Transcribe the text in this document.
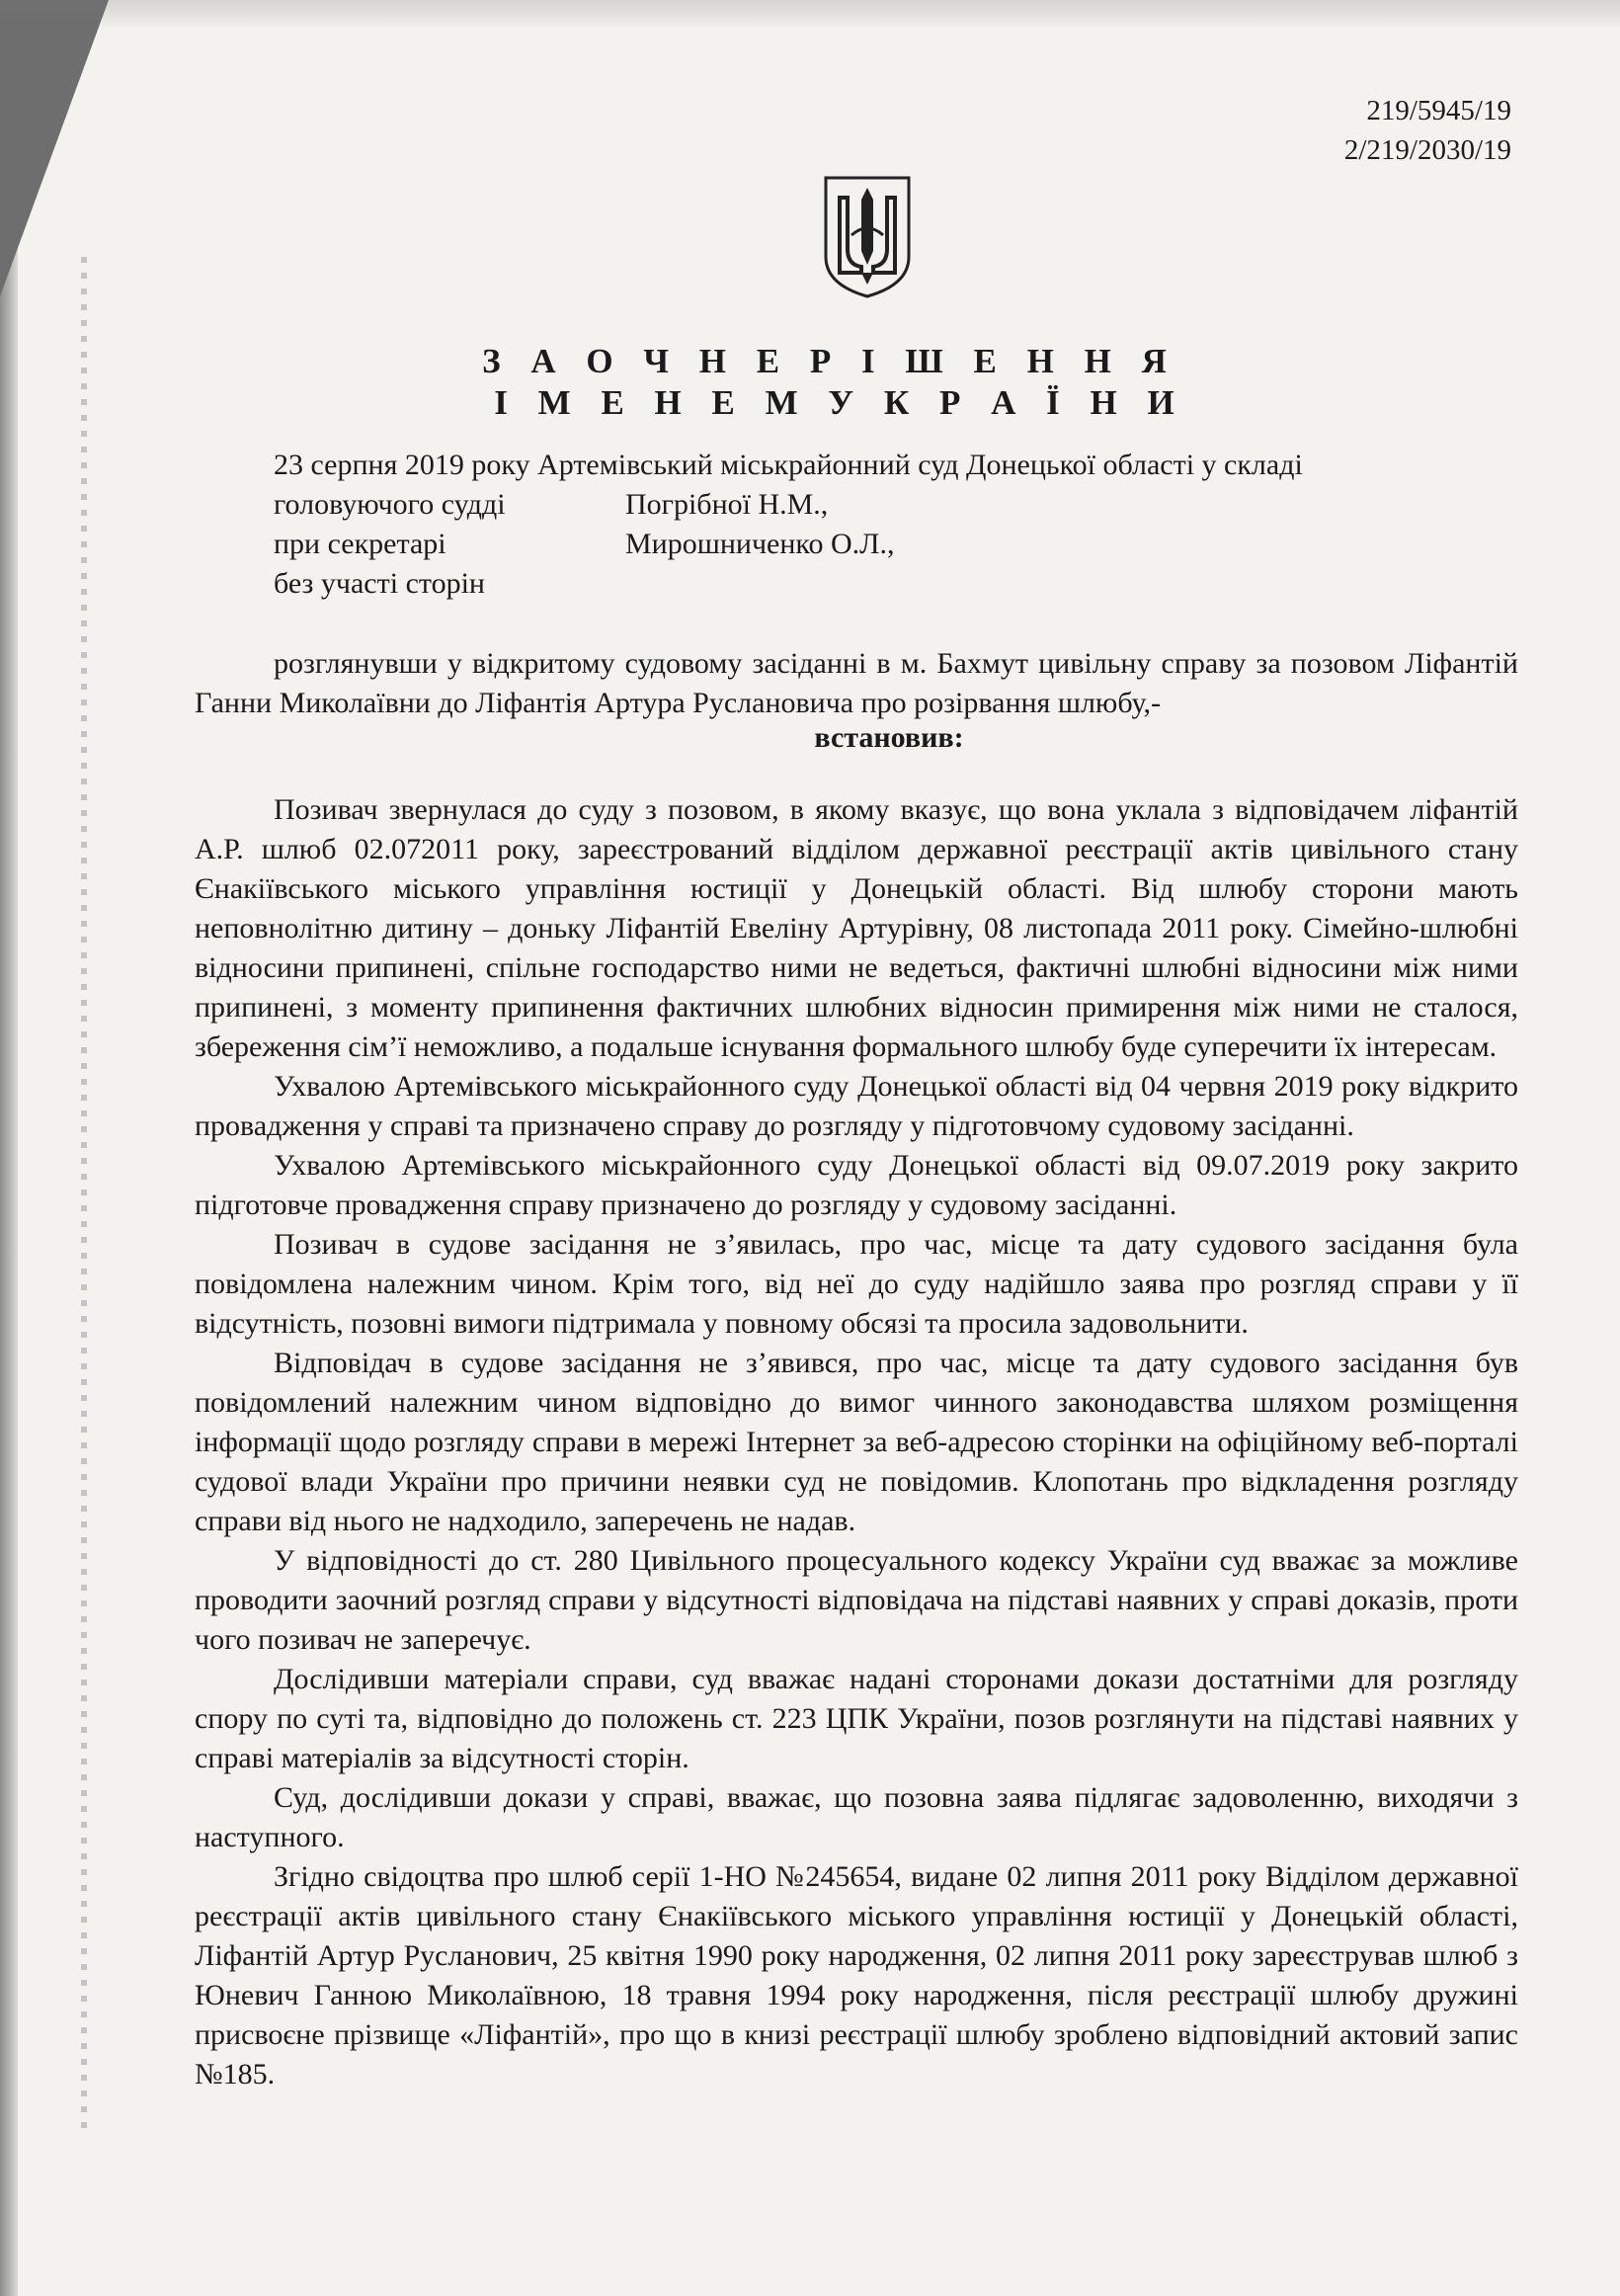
219/5945/19
2/219/2030/19
З А О Ч Н Е Р І Ш Е Н Н Я
І М Е Н Е М У К Р А Ї Н И
23 серпня 2019 року Артемівський міськрайонний суд Донецької області у складі
головуючого судді	Погрібної Н.М.,
при секретарі	Мирошниченко О.Л.,
без участі сторін
розглянувши у відкритому судовому засіданні в м. Бахмут цивільну справу за позовом Ліфантій Ганни Миколаївни до Ліфантія Артура Руслановича про розірвання шлюбу,-
встановив:

Позивач звернулася до суду з позовом, в якому вказує, що вона уклала з відповідачем ліфантій А.Р. шлюб 02.072011 року, зареєстрований відділом державної реєстрації актів цивільного стану Єнакіївського міського управління юстиції у Донецькій області. Від шлюбу сторони мають неповнолітню дитину – доньку Ліфантій Евеліну Артурівну, 08 листопада 2011 року. Сімейно-шлюбні відносини припинені, спільне господарство ними не ведеться, фактичні шлюбні відносини між ними припинені, з моменту припинення фактичних шлюбних відносин примирення між ними не сталося, збереження сім’ї неможливо, а подальше існування формального шлюбу буде суперечити їх інтересам.

Ухвалою Артемівського міськрайонного суду Донецької області від 04 червня 2019 року відкрито провадження у справі та призначено справу до розгляду у підготовчому судовому засіданні.

Ухвалою Артемівського міськрайонного суду Донецької області від 09.07.2019 року закрито підготовче провадження справу призначено до розгляду у судовому засіданні.

Позивач в судове засідання не з’явилась, про час, місце та дату судового засідання була повідомлена належним чином. Крім того, від неї до суду надійшло заява про розгляд справи у її відсутність, позовні вимоги підтримала у повному обсязі та просила задовольнити.

Відповідач в судове засідання не з’явився, про час, місце та дату судового засідання був повідомлений належним чином відповідно до вимог чинного законодавства шляхом розміщення інформації щодо розгляду справи в мережі Інтернет за веб-адресою сторінки на офіційному веб-порталі судової влади України про причини неявки суд не повідомив. Клопотань про відкладення розгляду справи від нього не надходило, заперечень не надав.

У відповідності до ст. 280 Цивільного процесуального кодексу України суд вважає за можливе проводити заочний розгляд справи у відсутності відповідача на підставі наявних у справі доказів, проти чого позивач не заперечує.

Дослідивши матеріали справи, суд вважає надані сторонами докази достатніми для розгляду спору по суті та, відповідно до положень ст. 223 ЦПК України, позов розглянути на підставі наявних у справі матеріалів за відсутності сторін.

Суд, дослідивши докази у справі, вважає, що позовна заява підлягає задоволенню, виходячи з наступного.

Згідно свідоцтва про шлюб серії 1-НО №245654, видане 02 липня 2011 року Відділом державної реєстрації актів цивільного стану Єнакіївського міського управління юстиції у Донецькій області, Ліфантій Артур Русланович, 25 квітня 1990 року народження, 02 липня 2011 року зареєстрував шлюб з Юневич Ганною Миколаївною, 18 травня 1994 року народження, після реєстрації шлюбу дружині присвоєне прізвище «Ліфантій», про що в книзі реєстрації шлюбу зроблено відповідний актовий запис №185.
